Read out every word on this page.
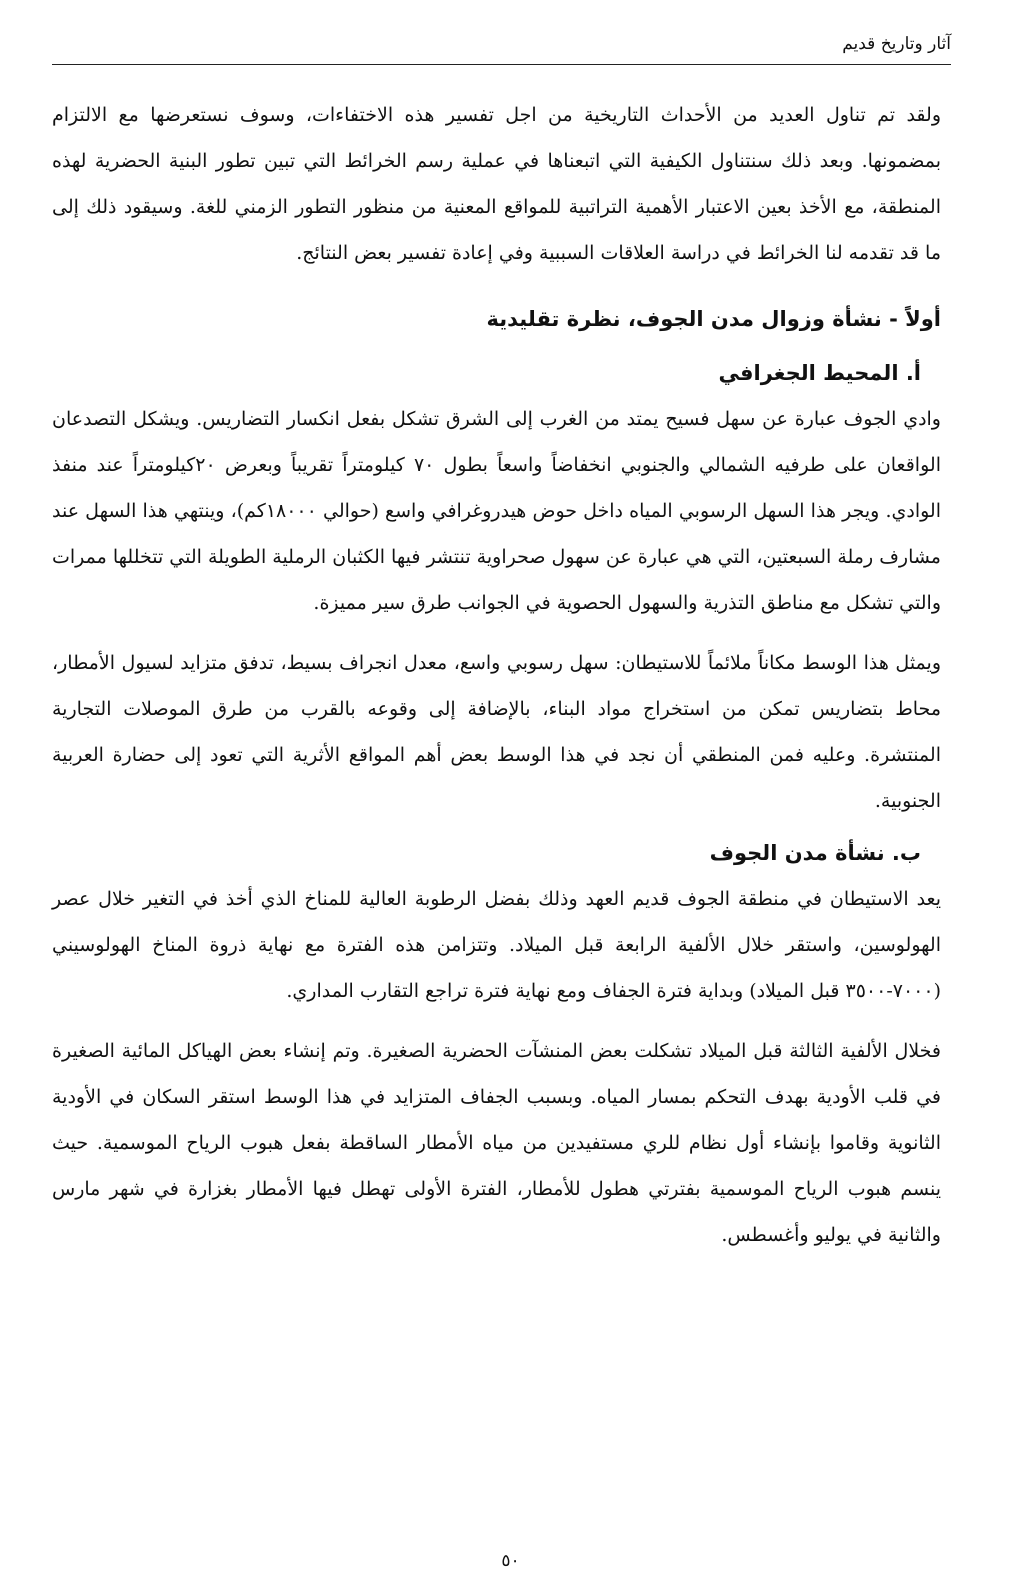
آثار وتاريخ قديم

ولقد تم تناول العديد من الأحداث التاريخية من اجل تفسير هذه الاختفاءات، وسوف نستعرضها مع الالتزام بمضمونها. وبعد ذلك سنتناول الكيفية التي اتبعناها في عملية رسم الخرائط التي تبين تطور البنية الحضرية لهذه المنطقة، مع الأخذ بعين الاعتبار الأهمية التراتبية للمواقع المعنية من منظور التطور الزمني للغة. وسيقود ذلك إلى ما قد تقدمه لنا الخرائط في دراسة العلاقات السببية وفي إعادة تفسير بعض النتائج.

أولاً - نشأة وزوال مدن الجوف، نظرة تقليدية
أ. المحيط الجغرافي

وادي الجوف عبارة عن سهل فسيح يمتد من الغرب إلى الشرق تشكل بفعل انكسار التضاريس. ويشكل التصدعان الواقعان على طرفيه الشمالي والجنوبي انخفاضاً واسعاً بطول ٧٠ كيلومتراً تقريباً وبعرض ٢٠كيلومتراً عند منفذ الوادي. ويجر هذا السهل الرسوبي المياه داخل حوض هيدروغرافي واسع (حوالي ١٨٠٠٠كم)، وينتهي هذا السهل عند مشارف رملة السبعتين، التي هي عبارة عن سهول صحراوية تنتشر فيها الكثبان الرملية الطويلة التي تتخللها ممرات والتي تشكل مع مناطق التذرية والسهول الحصوية في الجوانب طرق سير مميزة.

ويمثل هذا الوسط مكاناً ملائماً للاستيطان: سهل رسوبي واسع، معدل انجراف بسيط، تدفق متزايد لسيول الأمطار، محاط بتضاريس تمكن من استخراج مواد البناء، بالإضافة إلى وقوعه بالقرب من طرق الموصلات التجارية المنتشرة. وعليه فمن المنطقي أن نجد في هذا الوسط بعض أهم المواقع الأثرية التي تعود إلى حضارة العربية الجنوبية.

ب. نشأة مدن الجوف

يعد الاستيطان في منطقة الجوف قديم العهد وذلك بفضل الرطوبة العالية للمناخ الذي أخذ في التغير خلال عصر الهولوسين، واستقر خلال الألفية الرابعة قبل الميلاد. وتتزامن هذه الفترة مع نهاية ذروة المناخ الهولوسيني (٧٠٠٠-٣٥٠٠ قبل الميلاد) وبداية فترة الجفاف ومع نهاية فترة تراجع التقارب المداري.

فخلال الألفية الثالثة قبل الميلاد تشكلت بعض المنشآت الحضرية الصغيرة. وتم إنشاء بعض الهياكل المائية الصغيرة في قلب الأودية بهدف التحكم بمسار المياه. وبسبب الجفاف المتزايد في هذا الوسط استقر السكان في الأودية الثانوية وقاموا بإنشاء أول نظام للري مستفيدين من مياه الأمطار الساقطة بفعل هبوب الرياح الموسمية. حيث ينسم هبوب الرياح الموسمية بفترتي هطول للأمطار، الفترة الأولى تهطل فيها الأمطار بغزارة في شهر مارس والثانية في يوليو وأغسطس.

٥٠
